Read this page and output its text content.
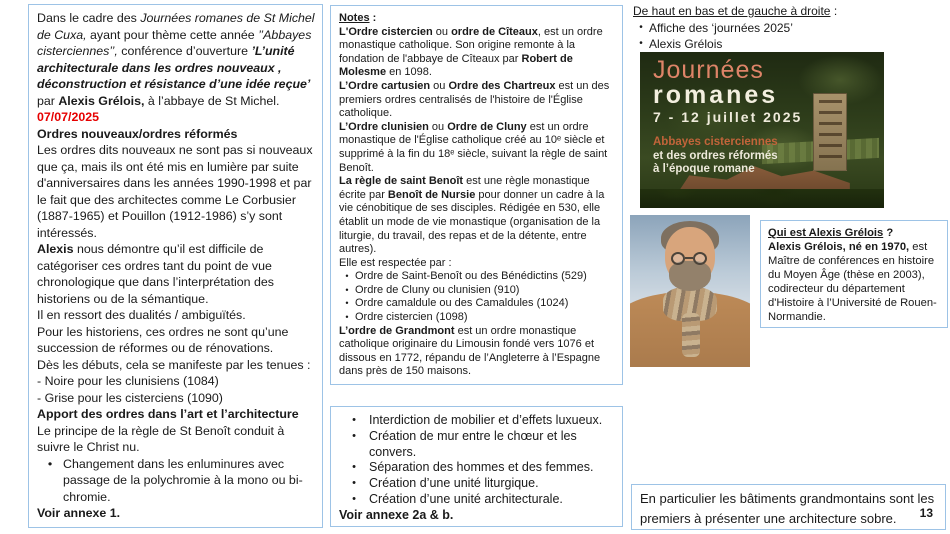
Dans le cadre des Journées romanes de St Michel de Cuxa, ayant pour thème cette année ’’Abbayes cisterciennes’’, conférence d’ouverture ’L’unité architecturale dans les ordres nouveaux , déconstruction et résistance d’une idée reçue’ par Alexis Grélois, à l’abbaye de St Michel.
07/07/2025
Ordres nouveaux/ordres réformés
Les ordres dits nouveaux ne sont pas si nouveaux que ça, mais ils ont été mis en lumière par suite d'anniversaires dans les années 1990-1998 et par le fait que des architectes comme Le Corbusier (1887-1965) et Pouillon (1912-1986) s’y sont intéressés.
Alexis nous démontre qu’il est difficile de catégoriser ces ordres tant du point de vue chronologique que dans l’interprétation des historiens ou de la sémantique.
Il en ressort des dualités / ambiguïtés.
Pour les historiens, ces ordres ne sont qu’une succession de réformes ou de rénovations.
Dès les débuts, cela se manifeste par les tenues :
- Noire pour les clunisiens (1084)
- Grise pour les cisterciens (1090)
Apport des ordres dans l’art et l’architecture
Le principe de la règle de St Benoît conduit à suivre le Christ nu.
• Changement dans les enluminures avec passage de la polychromie à la mono ou bi-chromie.
Voir annexe 1.
Notes :
L'Ordre cistercien ou ordre de Cîteaux, est un ordre monastique catholique. Son origine remonte à la fondation de l'abbaye de Cîteaux par Robert de Molesme en 1098.
L’Ordre cartusien ou Ordre des Chartreux est un des premiers ordres centralisés de l'histoire de l'Église catholique.
L’Ordre clunisien ou Ordre de Cluny est un ordre monastique de l'Église catholique créé au 10ᵉ siècle et supprimé à la fin du 18ᵉ siècle, suivant la règle de saint Benoît.
La règle de saint Benoît est une règle monastique écrite par Benoît de Nursie pour donner un cadre à la vie cénobitique de ses disciples. Rédigée en 530, elle établit un mode de vie monastique (organisation de la liturgie, du travail, des repas et de la détente, entre autres).
Elle est respectée par :
• Ordre de Saint-Benoît ou des Bénédictins (529)
• Ordre de Cluny ou clunisien (910)
• Ordre camaldule ou des Camaldules (1024)
• Ordre cistercien (1098)
L’ordre de Grandmont est un ordre monastique catholique originaire du Limousin fondé vers 1076 et dissous en 1772, répandu de l’Angleterre à l’Espagne dans près de 150 maisons.
•	Interdiction de mobilier et d’effets luxueux.
•	Création de mur entre le chœur et les convers.
•	Séparation des hommes et des femmes.
•	Création d’une unité liturgique.
•	Création d’une unité architecturale.
Voir annexe 2a & b.
De haut en bas et de gauche à droite :
• Affiche des ‘journées 2025’
• Alexis Grélois
Journées
romanes
7 - 12 juillet 2025
Abbayes cisterciennes
et des ordres réformés
à l’époque romane
Qui est Alexis Grélois ?
Alexis Grélois, né en 1970, est Maître de conférences en histoire du Moyen Âge (thèse en 2003), codirecteur du département d'Histoire à l’Université de Rouen-Normandie.
En particulier les bâtiments grandmontains sont les premiers à présenter une architecture sobre.	13
